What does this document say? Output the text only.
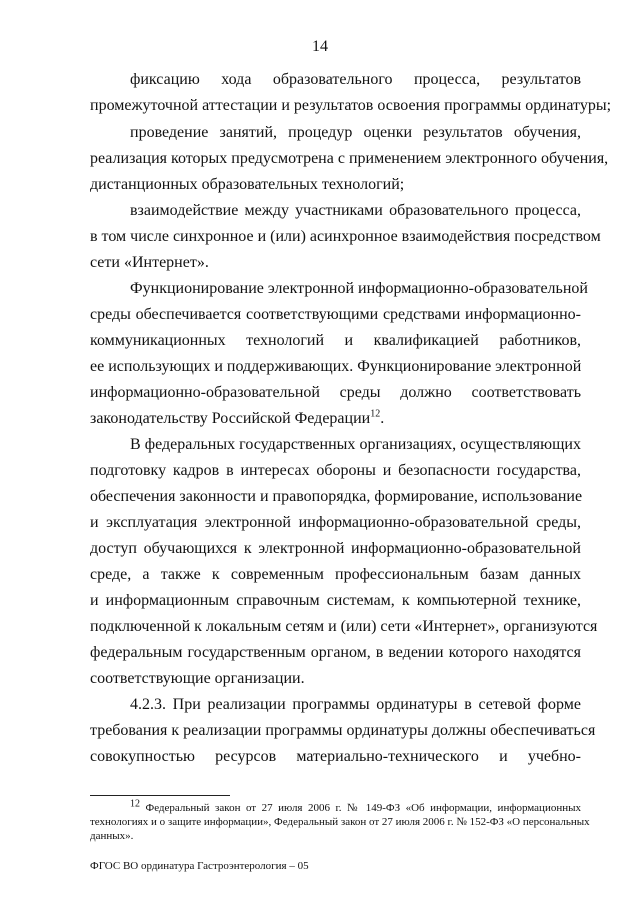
14
фиксацию хода образовательного процесса, результатов
промежуточной аттестации и результатов освоения программы ординатуры;
проведение занятий, процедур оценки результатов обучения,
реализация которых предусмотрена с применением электронного обучения,
дистанционных образовательных технологий;
взаимодействие между участниками образовательного процесса,
в том числе синхронное и (или) асинхронное взаимодействия посредством
сети «Интернет».
Функционирование электронной информационно-образовательной
среды обеспечивается соответствующими средствами информационно-
коммуникационных технологий и квалификацией работников,
ее использующих и поддерживающих. Функционирование электронной
информационно-образовательной среды должно соответствовать
законодательству Российской Федерации$^{12}$.
В федеральных государственных организациях, осуществляющих
подготовку кадров в интересах обороны и безопасности государства,
обеспечения законности и правопорядка, формирование, использование
и эксплуатация электронной информационно-образовательной среды,
доступ обучающихся к электронной информационно-образовательной
среде, а также к современным профессиональным базам данных
и информационным справочным системам, к компьютерной технике,
подключенной к локальным сетям и (или) сети «Интернет», организуются
федеральным государственным органом, в ведении которого находятся
соответствующие организации.
4.2.3. При реализации программы ординатуры в сетевой форме
требования к реализации программы ординатуры должны обеспечиваться
совокупностью ресурсов материально-технического и учебно-
$^{12}$ Федеральный закон от 27 июля 2006 г. № 149-ФЗ «Об информации, информационных
технологиях и о защите информации», Федеральный закон от 27 июля 2006 г. № 152-ФЗ «О персональных
данных».
ФГОС ВО ординатура Гастроэнтерология – 05
